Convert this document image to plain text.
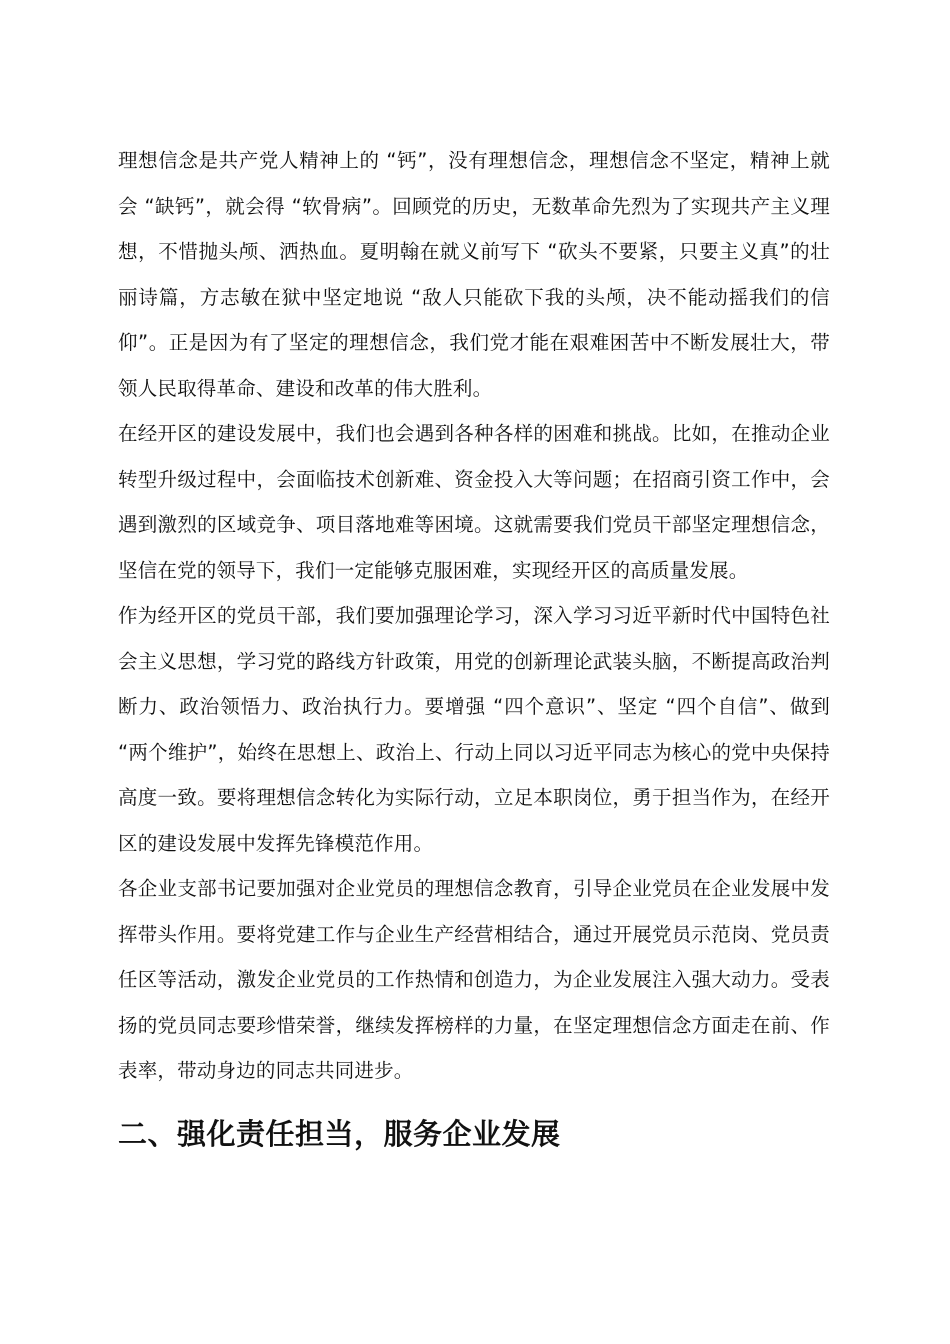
理想信念是共产党人精神上的 “钙”，没有理想信念，理想信念不坚定，精神上就会 “缺钙”，就会得 “软骨病”。回顾党的历史，无数革命先烈为了实现共产主义理想，不惜抛头颅、洒热血。夏明翰在就义前写下 “砍头不要紧，只要主义真”的壮丽诗篇，方志敏在狱中坚定地说 “敌人只能砍下我的头颅，决不能动摇我们的信仰”。正是因为有了坚定的理想信念，我们党才能在艰难困苦中不断发展壮大，带领人民取得革命、建设和改革的伟大胜利。

在经开区的建设发展中，我们也会遇到各种各样的困难和挑战。比如，在推动企业转型升级过程中，会面临技术创新难、资金投入大等问题；在招商引资工作中，会遇到激烈的区域竞争、项目落地难等困境。这就需要我们党员干部坚定理想信念，坚信在党的领导下，我们一定能够克服困难，实现经开区的高质量发展。

作为经开区的党员干部，我们要加强理论学习，深入学习习近平新时代中国特色社会主义思想，学习党的路线方针政策，用党的创新理论武装头脑，不断提高政治判断力、政治领悟力、政治执行力。要增强 “四个意识”、坚定 “四个自信”、做到 “两个维护”，始终在思想上、政治上、行动上同以习近平同志为核心的党中央保持高度一致。要将理想信念转化为实际行动，立足本职岗位，勇于担当作为，在经开区的建设发展中发挥先锋模范作用。

各企业支部书记要加强对企业党员的理想信念教育，引导企业党员在企业发展中发挥带头作用。要将党建工作与企业生产经营相结合，通过开展党员示范岗、党员责任区等活动，激发企业党员的工作热情和创造力，为企业发展注入强大动力。受表扬的党员同志要珍惜荣誉，继续发挥榜样的力量，在坚定理想信念方面走在前、作表率，带动身边的同志共同进步。

二、强化责任担当，服务企业发展
